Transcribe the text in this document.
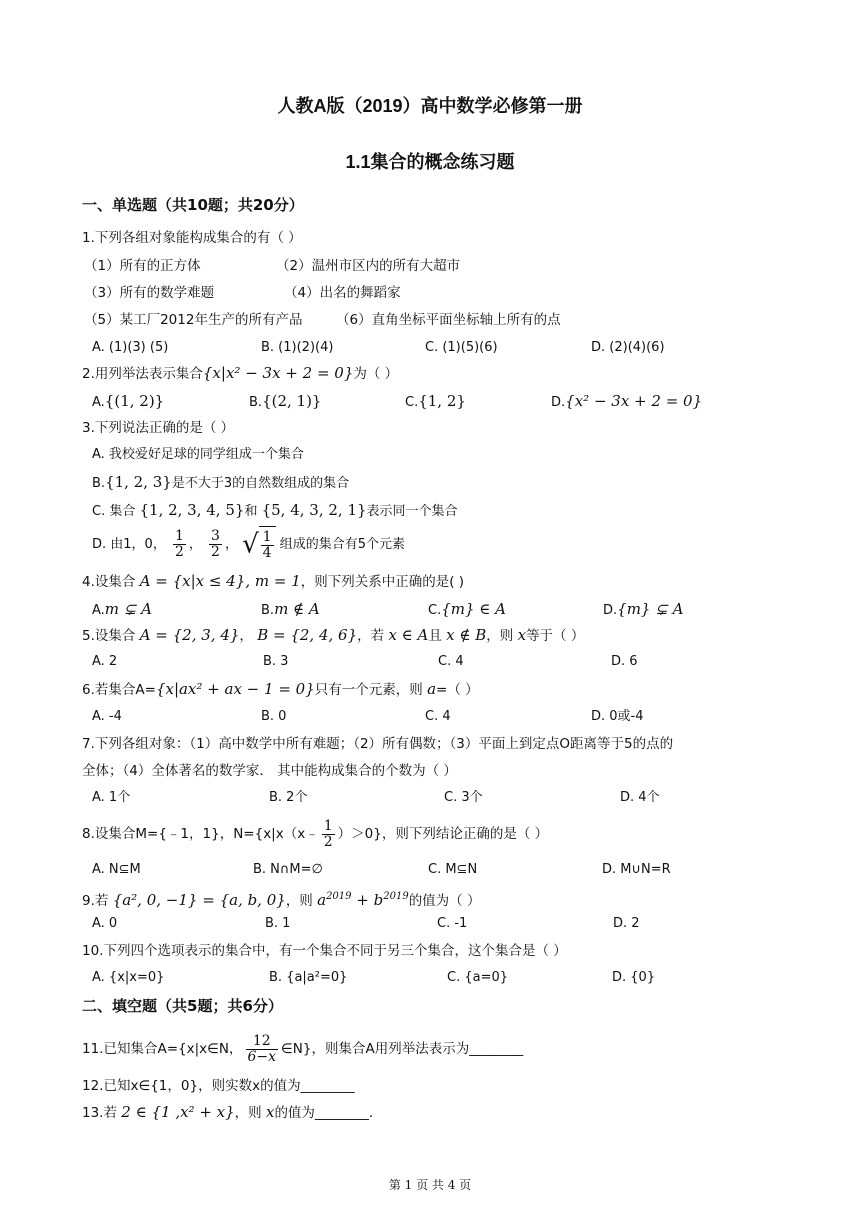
人教A版（2019）高中数学必修第一册
1.1集合的概念练习题
一、单选题（共10题；共20分）
1.下列各组对象能构成集合的有（ ）
（1）所有的正方体	（2）温州市区内的所有大超市
（3）所有的数学难题	（4）出名的舞蹈家
（5）某工厂2012年生产的所有产品 （6）直角坐标平面坐标轴上所有的点
A. (1)(3) (5)	B. (1)(2)(4)	C. (1)(5)(6)	D. (2)(4)(6)
2.用列举法表示集合{x|x² − 3x + 2 = 0}为（ ）
A.{(1, 2)}	B.{(2, 1)}	C.{1, 2}	D.{x² − 3x + 2 = 0}
3.下列说法正确的是（ ）
A. 我校爱好足球的同学组成一个集合
B.{1, 2, 3}是不大于3的自然数组成的集合
C. 集合 {1, 2, 3, 4, 5}和 {5, 4, 3, 2, 1}表示同一个集合
D. 由1，0， $\frac{1}{2}$ ， $\frac{3}{2}$ ， √ $\frac{1}{4}$ 组成的集合有5个元素
4.设集合 A = {x|x ≤ 4}, m = 1，则下列关系中正确的是( )
A.m ⊊ A	B.m ∉ A	C.{m} ∈ A	D.{m} ⊊ A
5.设集合 A = {2, 3, 4}， B = {2, 4, 6}，若 x ∈ A且 x ∉ B，则 x等于（ ）
A. 2	B. 3	C. 4	D. 6
6.若集合A={x|ax² + ax − 1 = 0}只有一个元素，则 a=（ ）
A. -4	B. 0	C. 4	D. 0或-4
7.下列各组对象：（1）高中数学中所有难题；（2）所有偶数；（3）平面上到定点O距离等于5的点的
全体；（4）全体著名的数学家． 其中能构成集合的个数为（ ）
A. 1个	B. 2个	C. 3个	D. 4个
8.设集合M={﹣1，1}，N={x|x（x﹣ $\frac{1}{2} )>0$}，则下列结论正确的是（ ）
A. N⊆M	B. N∩M=∅	C. M⊆N	D. M∪N=R
9.若 {a², 0, −1} = {a, b, 0}，则 $a^{2019} + b^{2019}$的值为（ ）
A. 0	B. 1	C. -1	D. 2
10.下列四个选项表示的集合中，有一个集合不同于另三个集合，这个集合是（ ）
A. {x|x=0}	B. {a|a²=0}	C. {a=0}	D. {0}
二、填空题（共5题；共6分）
11.已知集合A={x|x∈N， $\frac{12}{6-x}$ ∈N}，则集合A用列举法表示为________
12.已知x∈{1，0}，则实数x的值为________
13.若 2 ∈ {1 ,x² + x}，则 x的值为________.
第 1 页 共 4 页
